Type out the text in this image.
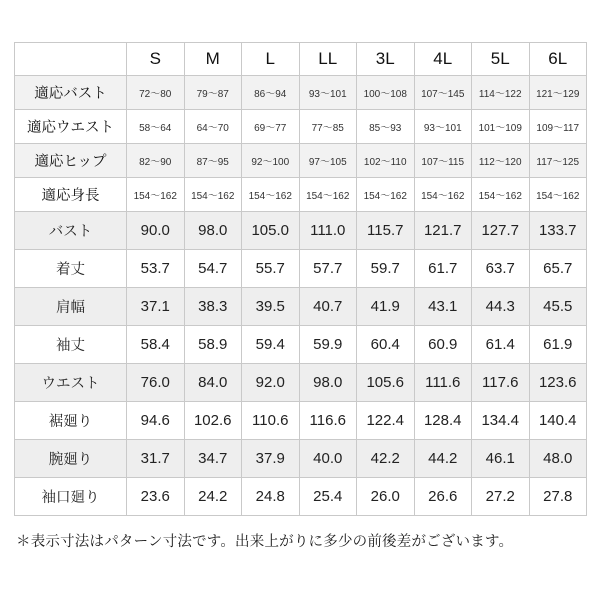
	S	M	L	LL	3L	4L	5L	6L
適応バスト	72〜80	79〜87	86〜94	93〜101	100〜108	107〜145	114〜122	121〜129
適応ウエスト	58〜64	64〜70	69〜77	77〜85	85〜93	93〜101	101〜109	109〜117
適応ヒップ	82〜90	87〜95	92〜100	97〜105	102〜110	107〜115	112〜120	117〜125
適応身長	154〜162	154〜162	154〜162	154〜162	154〜162	154〜162	154〜162	154〜162
バスト	90.0	98.0	105.0	111.0	115.7	121.7	127.7	133.7
着丈	53.7	54.7	55.7	57.7	59.7	61.7	63.7	65.7
肩幅	37.1	38.3	39.5	40.7	41.9	43.1	44.3	45.5
袖丈	58.4	58.9	59.4	59.9	60.4	60.9	61.4	61.9
ウエスト	76.0	84.0	92.0	98.0	105.6	111.6	117.6	123.6
裾廻り	94.6	102.6	110.6	116.6	122.4	128.4	134.4	140.4
腕廻り	31.7	34.7	37.9	40.0	42.2	44.2	46.1	48.0
袖口廻り	23.6	24.2	24.8	25.4	26.0	26.6	27.2	27.8
＊表示寸法はパターン寸法です。出来上がりに多少の前後差がございます。
